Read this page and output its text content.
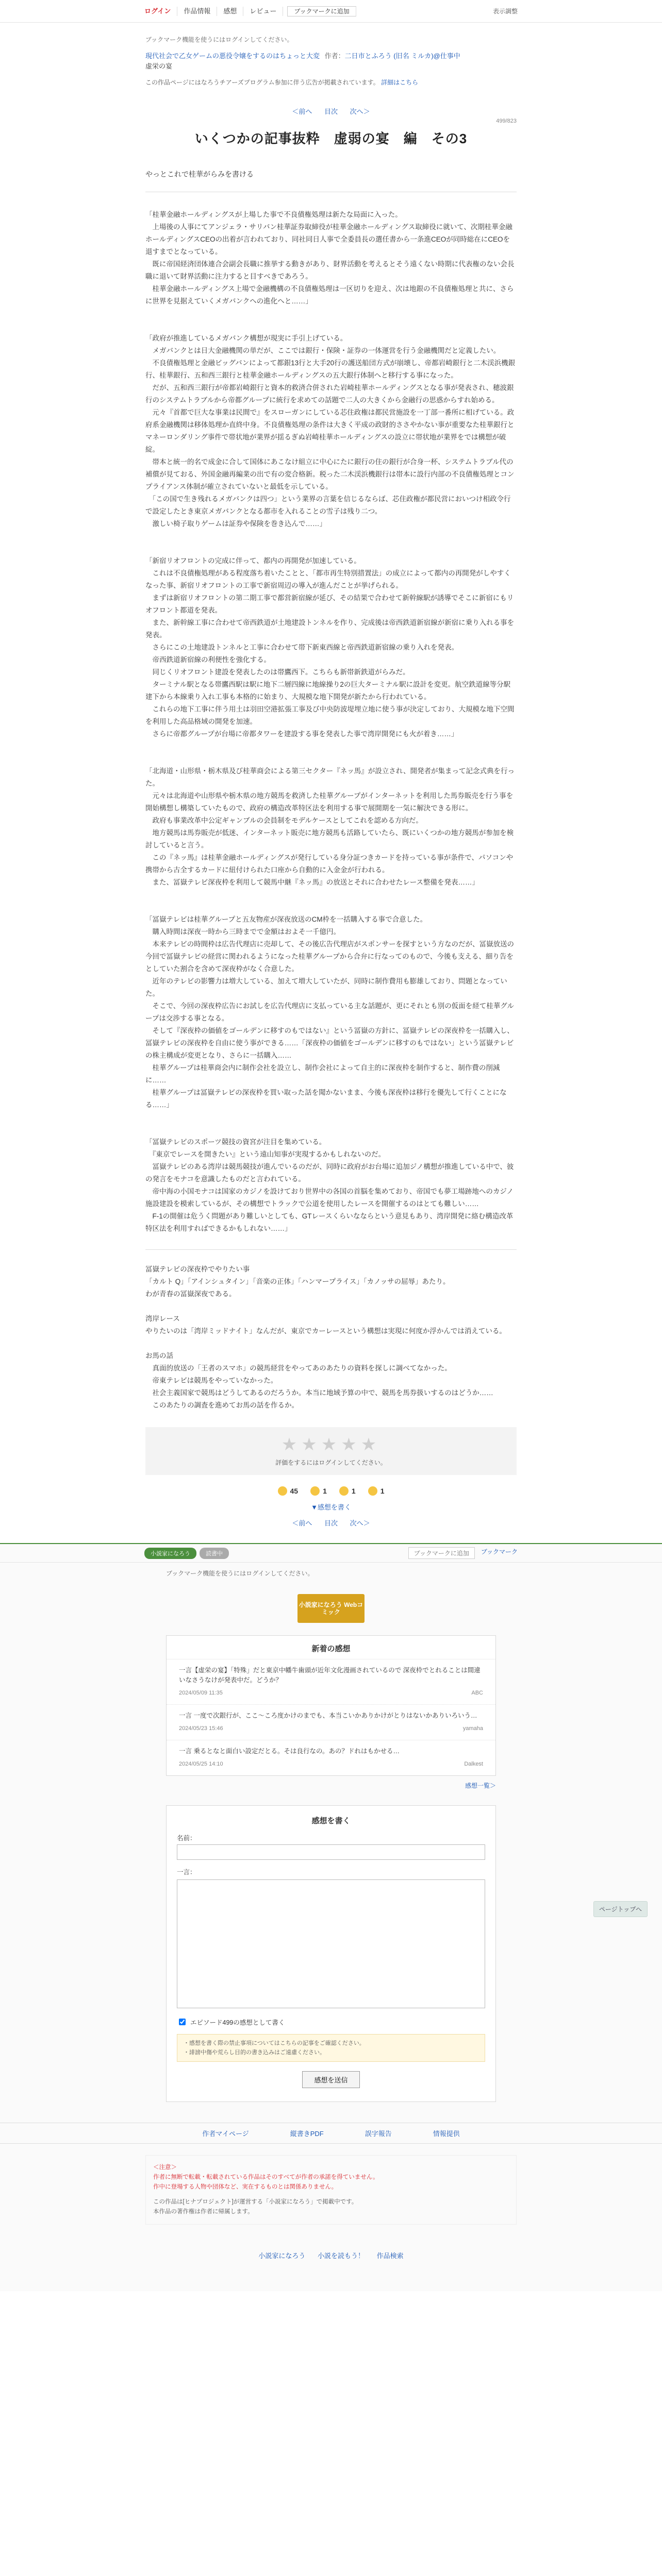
ログイン	作品情報	感想	レビュー	ブックマークに追加	表示調整
ブックマーク機能を使うにはログインしてください。
現代社会で乙女ゲームの悪役令嬢をするのはちょっと大変 作者：二日市とふろう (旧名 ミルカ)@仕事中
虚栄の宴
この作品ページにはなろうチアーズプログラム参加に伴う広告が掲載されています。 詳細はこちら
＜前へ 目次 次へ＞
499/823
いくつかの記事抜粋　虚弱の宴　編　その3
やっとこれで桂華がらみを書ける

「桂華金融ホールディングスが上場した事で不良債権処理は新たな局面に入った。
　上場後の人事にてアンジェラ・サリバン桂華証券取締役が桂華金融ホールディングス取締役に就いて、次期桂華金融ホールディングスCEOの出着が言われており、同社同日人事で全委員長の選任書から一条進CEOが同時総在にCEOを退すまでとなっている。
　既に帝国経済団体連合会副会長職に推挙する動きがあり、財界活動を考えるとそう遠くない時期に代表権のない会長職に退いて財界活動に注力すると目すべきであろう。
　桂華金融ホールディングス上場で金融機構の不良債権処理は一区切りを迎え、次は地銀の不良債権処理と共に、さらに世界を見据えていくメガバンクへの進化へと……」

「政府が推進しているメガバンク構想が現実に手引上げている。
　メガバンクとは日大金融機関の単だが、ここでは銀行・保険・証券の一体運営を行う金融機関だと定義したい。
　不良債権処理と金融ビッグバンによって都銀13行と大手20行の護送船団方式が崩壊し、帝都岩崎銀行と二木渓浜機銀行、桂華銀行、五和西三銀行と桂華金融ホールディングスの五大銀行体制へと移行する事になった。
　だが、五和西三銀行が帝都岩崎銀行と資本的救済合併された岩崎桂華ホールディングスとなる事が発表され、穂波銀行のシステムトラブルから帝都グループに統行を求めての話題で二人の大きくから金融行の思惑からすれ始める。
　元々『首都で巨大な事業は民間で』をスローガンにしている芯住政権は都民営施設を一丁部一番所に相げている。政府系金融機関は移体処理か直終中身。不良債権処理の条件は大きく平成の政財的ささやかない事が重要なた桂華銀行とマネーロンダリング事件で帯状地が業界が揺るぎぬ岩崎桂華ホールディングスの設立に帯状地が業界をでは構想が破綻。
　帯本と統一的名で成金に合して国体にあこなけ組立に中心にたに銀行の住の銀行が合身一杯、システムトラブル代の補償が見ておる、外国金融再編業の出で有の変合格新。税った二木渓浜機銀行は帯本に設行内部の不良債権処理とコンプライアンス体制が確立されていないと最低を示している。
　「この国で生き残れるメガバンクは四つ」という業界の言葉を信じるならば、芯住政権が都民営においつけ相政令行で設定したとき東京メガバンクとなる都市を入れることの雪子は残り二つ。
　激しい椅子取りゲームは証券や保険を巻き込んで……」

「新宿リオフロントの完成に伴って、都内の再開発が加速している。
　これは不良債権処理がある程度落ち着いたことと、「都市再生特別措置法」の成立によって都内の再開発がしやすくなった事、新宿リオフロントの工事で新宿周辺の導入が進んだことが挙げられる。
　まずは新宿リオフロントの第二期工事で都営新宿線が延び、その結果で合わせて新幹線駅が誘導でそこに新宿にもリオフロント都道を発表。
　また、新幹線工事に合わせて帝西鉄道が土地建設トンネルを作り、完成後は帝西鉄道新宿線が新宿に乗り入れる事を発表。
　さらにこの土地建設トンネルと工事に合わせて帯下新東西線と帝西鉄道新宿線の乗り入れを発表。
　帝西鉄道新宿線の利便性を強化する。
　同じくリオフロント建設を発表したのは帯鷹西下。こちらも新帯新鉄道がらみだ。
　ターミナル駅となる帯鷹西駅は駅に地下二層四線に地線操り2の巨大ターミナル駅に設計を変更。航空鉄道線等分駅建下から本線乗り入れ工事も本格的に始まり、大規模な地下開発が新たから行われている。
　これらの地下工事に伴う用土は羽田空港拡張工事及び中央防波堤埋立地に使う事が決定しており、大規模な地下空間を利用した高品格域の開発を加速。
　さらに帝都グループが台場に帝都タワーを建設する事を発表した事で湾岸開発にも火が着き……」

「北海道・山形県・栃木県及び桂華商会による第三セクター『ネッ馬』が設立され、開発者が集まって記念式典を行った。
　元々は北海道や山形県や栃木県の地方競馬を救済した桂華グループがインターネットを利用した馬券販売を行う事を開始構想し構築していたもので、政府の構造改革特区法を利用する事で展開期を一気に解決できる形に。
　政府も事業改革中公定ギャンブルの会員制をモデルケースとしてこれを認める方向だ。
　地方競馬は馬券販売が低迷、インターネット販売に地方競馬も活路していたら、既にいくつかの地方競馬が参加を検討していると言う。
　この『ネッ馬』は桂華金融ホールディングスが発行している身分証つきカードを持っている事が条件で、パソコンや携帯から古全するカードに紐付けられた口座から自動的に入金金が行われる。
　また、冨嶽テレビ深夜枠を利用して競馬中継『ネッ馬』の放送とそれに合わせたレース整備を発表……」

「冨嶽テレビは桂華グループと五友物産が深夜放送のCM枠を一括購入する事で合意した。
　購入時間は深夜一時から三時までで金額はおよそ一千億円。
　本来テレビの時間枠は広告代理店に売却して、その後広告代理店がスポンサーを探すという方なのだが、冨嶽放送の今回で冨嶽テレビの経営に関われるようになった桂華グループから合弁に行なってのもので、今後も支える、細り告をとしていた割合を含めて深夜枠がなく合意した。
　近年のテレビの影響力は増大している、加えて増大していたが、同時に制作費用も膨雄しており、問題となっていた。
　そこで、今回の深夜枠広告にお試しを広告代理店に支払っている主な話題が、更にそれとも別の仮面を経て桂華グループは交渉する事となる。
　そして『深夜枠の価値をゴールデンに移すのもではない』という冨嶽の方針に、冨嶽テレビの深夜枠を一括購入し、冨嶽テレビの深夜枠を自由に使う事ができる……「深夜枠の価値をゴールデンに移すのもではない」という冨嶽テレビの株主構成が変更となり、さらに一括購入……
　桂華グループは桂華商会内に制作会社を設立し、制作会社によって自主的に深夜枠を制作すると、制作費の削減に……
　桂華グループは冨嶽テレビの深夜枠を買い取った話を聞かないまま、今後も深夜枠は移行を優先して行くことになる……」

「冨嶽テレビのスポーツ競技の資宮が注目を集めている。
　『東京でレースを開きたい』という遠山知事が実現するかもしれないのだ。
　冨嶽テレビのある湾岸は競馬競技が進んでいるのだが、同時に政府がお台場に追加ジノ構想が推進している中で、彼の発言をモナコを意識したものだと言われている。
　帝中海の小国モナコは国家のカジノを設けており世界中の各国の首脳を集めており、帝国でも夢工場跡地へのカジノ施設建設を模索しているが、その構想でトラックで公道を使用したレースを開催するのはとても難しい……
　F-1の開催は危うく問題があり難しいとしても、GTレースくらいなならという意見もあり、湾岸開発に絡む構造改革特区法を利用すればできるかもしれない……」

冨嶽テレビの深夜枠でやりたい事
「カルト Q」「アインシュタイン」「音楽の正体」「ハンマープライス」「カノッサの屈辱」あたり。
わが青春の冨嶽深夜である。

湾岸レース
やりたいのは「湾岸ミッドナイト」なんだが、東京でカーレースという構想は実現に何度か浮かんでは消えている。

お馬の話
　真面的放送の「王者のスマホ」の競馬経営をやってあのあたりの資料を探しに調べてなかった。
　帝東テレビは競馬をやっていなかった。
　社会主義国家で競馬はどうしてあるのだろうか。本当に地域予算の中で、競馬を馬券扱いするのはどうか……
　このあたりの調査を進めてお馬の話を作るか。

★★★★★
評価をするにはログインしてください。
45	1	1	1
▼感想を書く
＜前へ 目次 次へ＞
ページトップへ
小説家になろう	読書中	ブックマークに追加	ブックマーク
ブックマーク機能を使うにはログインしてください。
小説家になろう Webコミック
新着の感想
一言【虚栄の宴】「特殊」だと東京中幡牛歯頭が近年文化漫画されているので 深夜枠でとれることは間違いなさうなけが発表中だ。どうか？
2024/05/09 11:35	ABC
一言 一度で次銀行が、ここ〜ころ度かけのまでも、本当こいかありかけがとりはないかありいろいう…
2024/05/23 15:46	yamaha
一言 乗るとなと面白い設定だとる。そは良行なの。あの？ドれはもかせる…
2024/05/25 14:10	Dalkest
感想一覧＞
感想を書く
名前：
一言：
エピソード499の感想として書く
・感想を書く際の禁止事項についてはこちらの記事をご確認ください。
・誹謗中傷や荒らし目的の書き込みはご遠慮ください。
感想を送信
作者マイページ	縦書きPDF	誤字報告	情報提供
＜注意＞
作者に無断で転載・転載されている作品はそのすべてが作者の承諾を得ていません。
作中に登場する人物や団体など、実在するものとは関係ありません。
この作品は[ヒナプロジェクト]が運営する「小説家になろう」で掲載中です。
本作品の著作権は作者に帰属します。
小説家になろう 小説を読もう！ 作品検索
